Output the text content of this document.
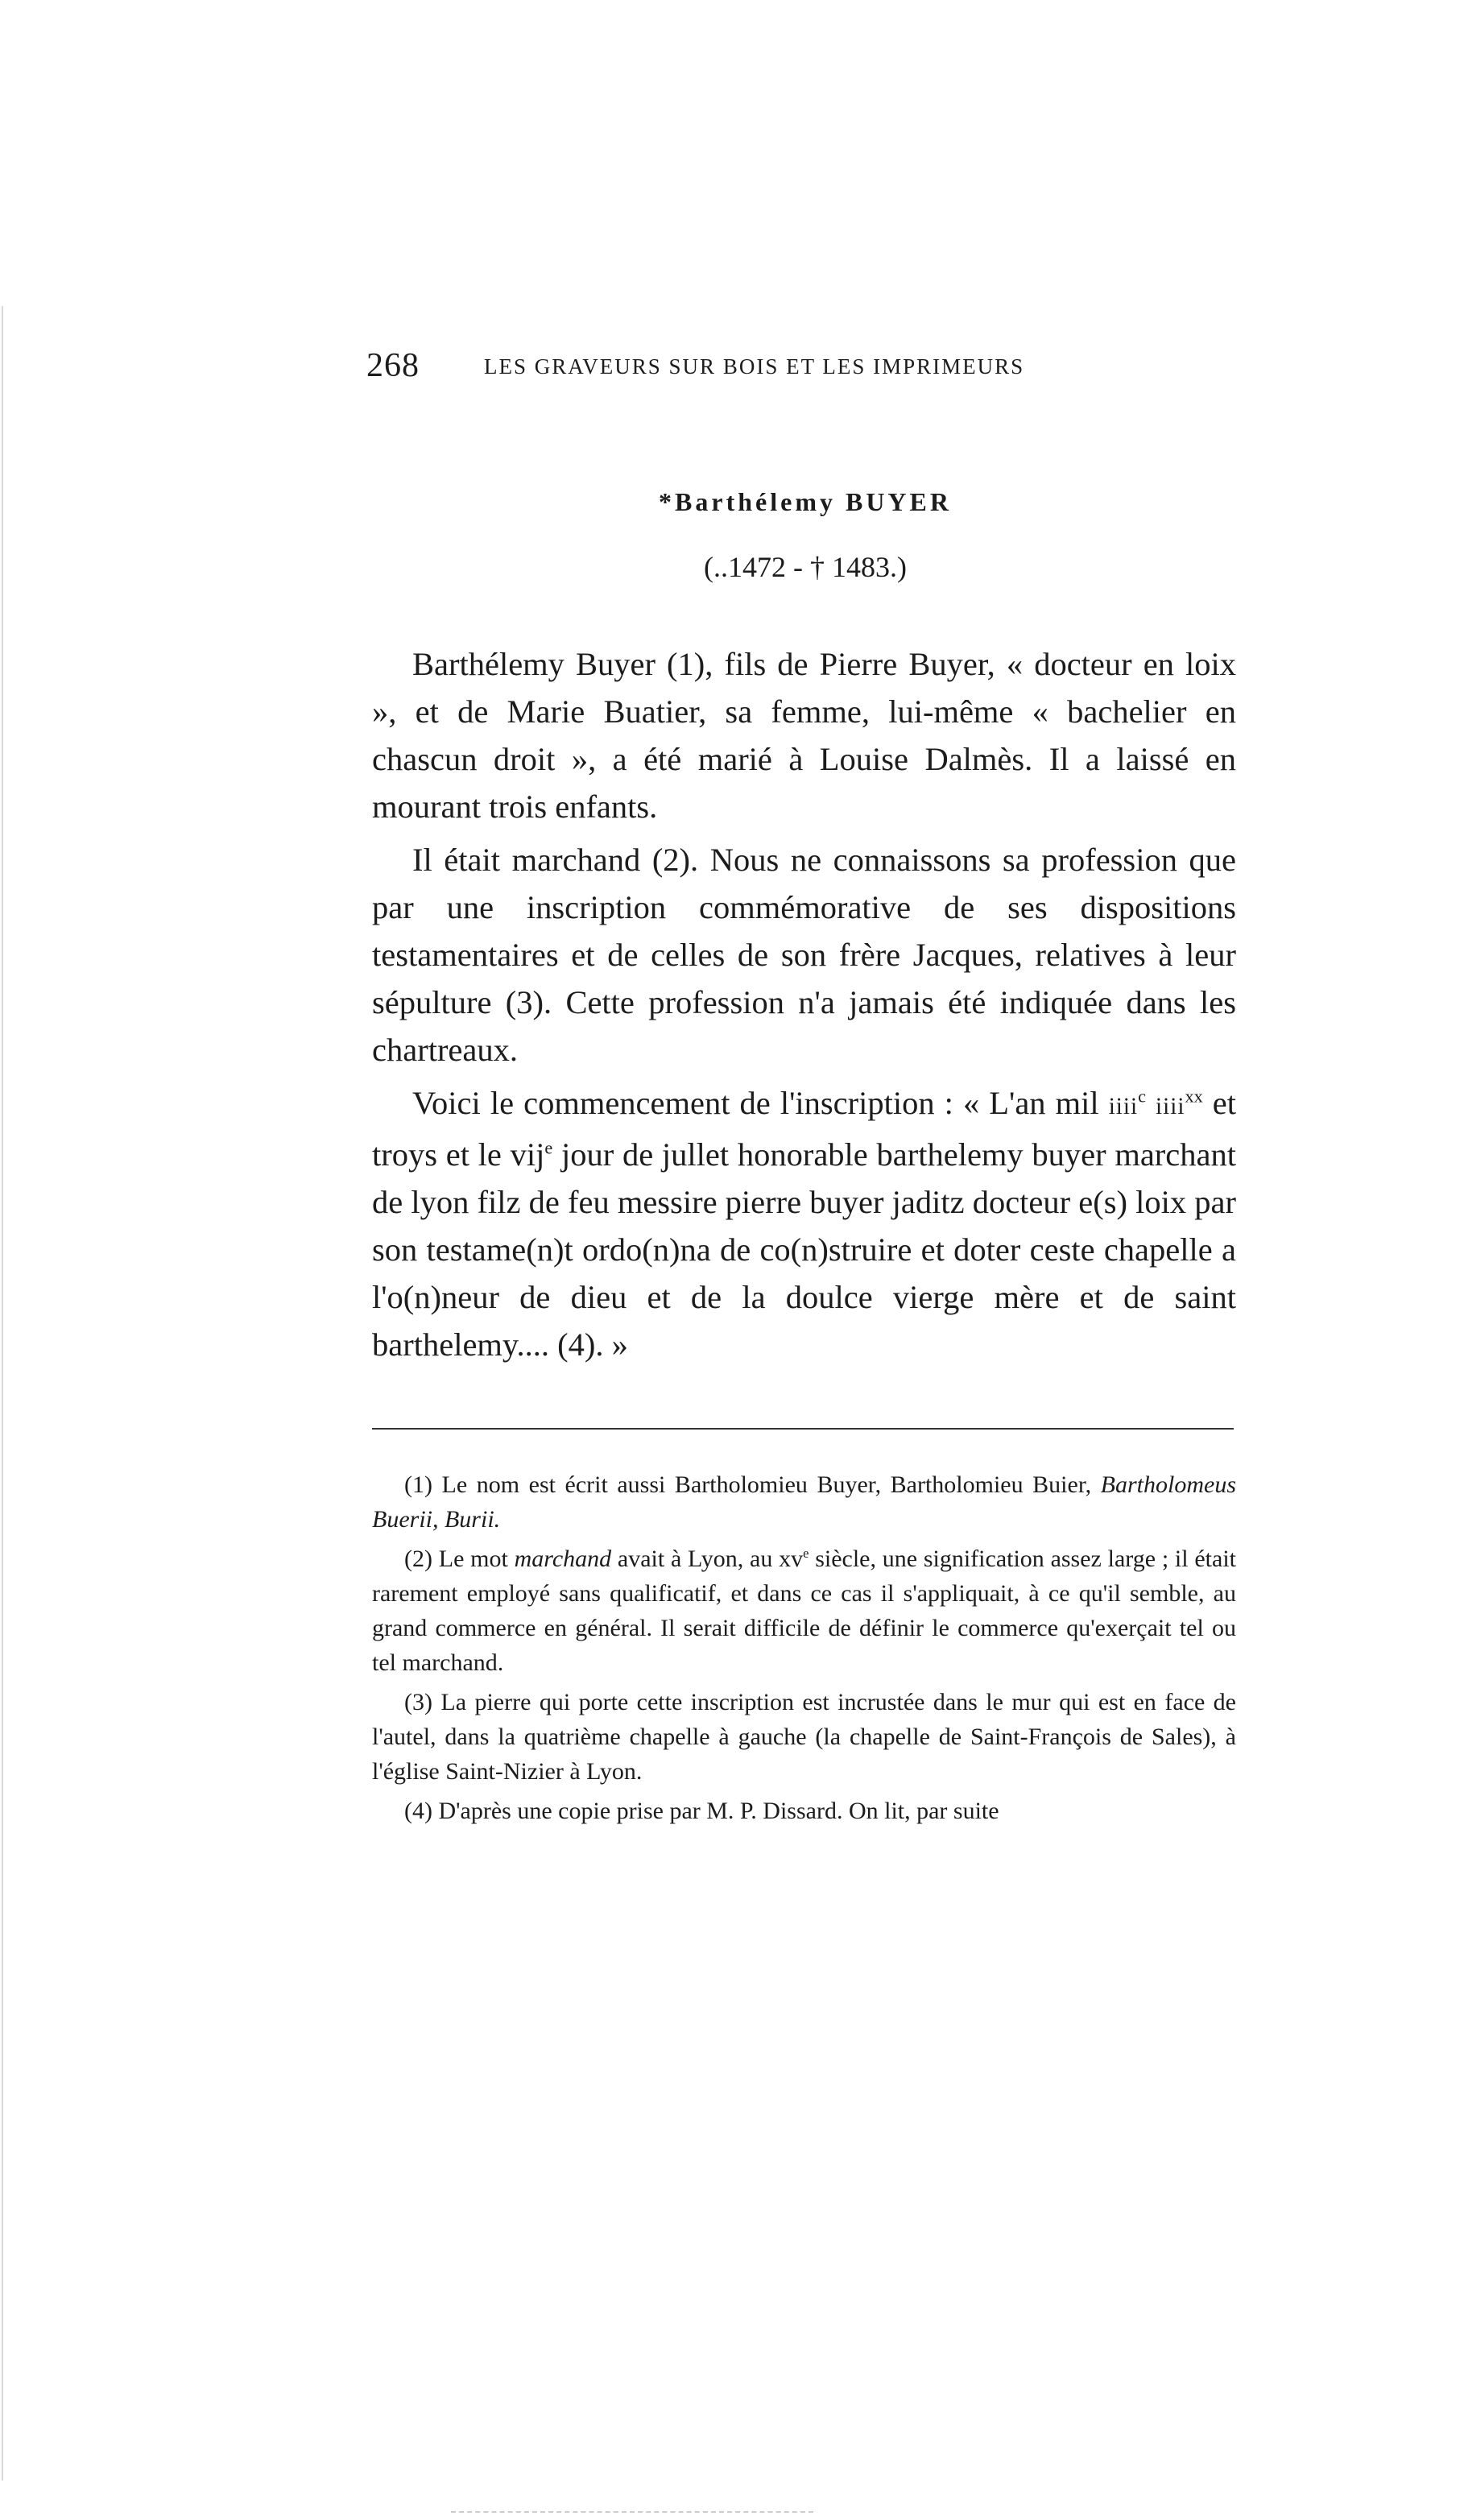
268	LES GRAVEURS SUR BOIS ET LES IMPRIMEURS
*Barthélemy BUYER
(..1472 - † 1483.)

Barthélemy Buyer (1), fils de Pierre Buyer, « docteur en loix », et de Marie Buatier, sa femme, lui-même « bachelier en chascun droit », a été marié à Louise Dalmès. Il a laissé en mourant trois enfants.

Il était marchand (2). Nous ne connaissons sa profession que par une inscription commémorative de ses dispositions testamentaires et de celles de son frère Jacques, relatives à leur sépulture (3). Cette profession n'a jamais été indiquée dans les chartreaux.

Voici le commencement de l'inscription : « L'an mil iiii$^c$ iiii$^{xx}$ et troys et le vij$^e$ jour de jullet honorable barthelemy buyer marchant de lyon filz de feu messire pierre buyer jaditz docteur e(s) loix par son testame(n)t ordo(n)na de co(n)struire et doter ceste chapelle a l'o(n)neur de dieu et de la doulce vierge mère et de saint barthelemy.... (4). »

(1) Le nom est écrit aussi Bartholomieu Buyer, Bartholomieu Buier, Bartholomeus Buerii, Burii.

(2) Le mot marchand avait à Lyon, au $xv^e$ siècle, une signification assez large ; il était rarement employé sans qualificatif, et dans ce cas il s'appliquait, à ce qu'il semble, au grand commerce en général. Il serait difficile de définir le commerce qu'exerçait tel ou tel marchand.

(3) La pierre qui porte cette inscription est incrustée dans le mur qui est en face de l'autel, dans la quatrième chapelle à gauche (la chapelle de Saint-François de Sales), à l'église Saint-Nizier à Lyon.

(4) D'après une copie prise par M. P. Dissard. On lit, par suite
